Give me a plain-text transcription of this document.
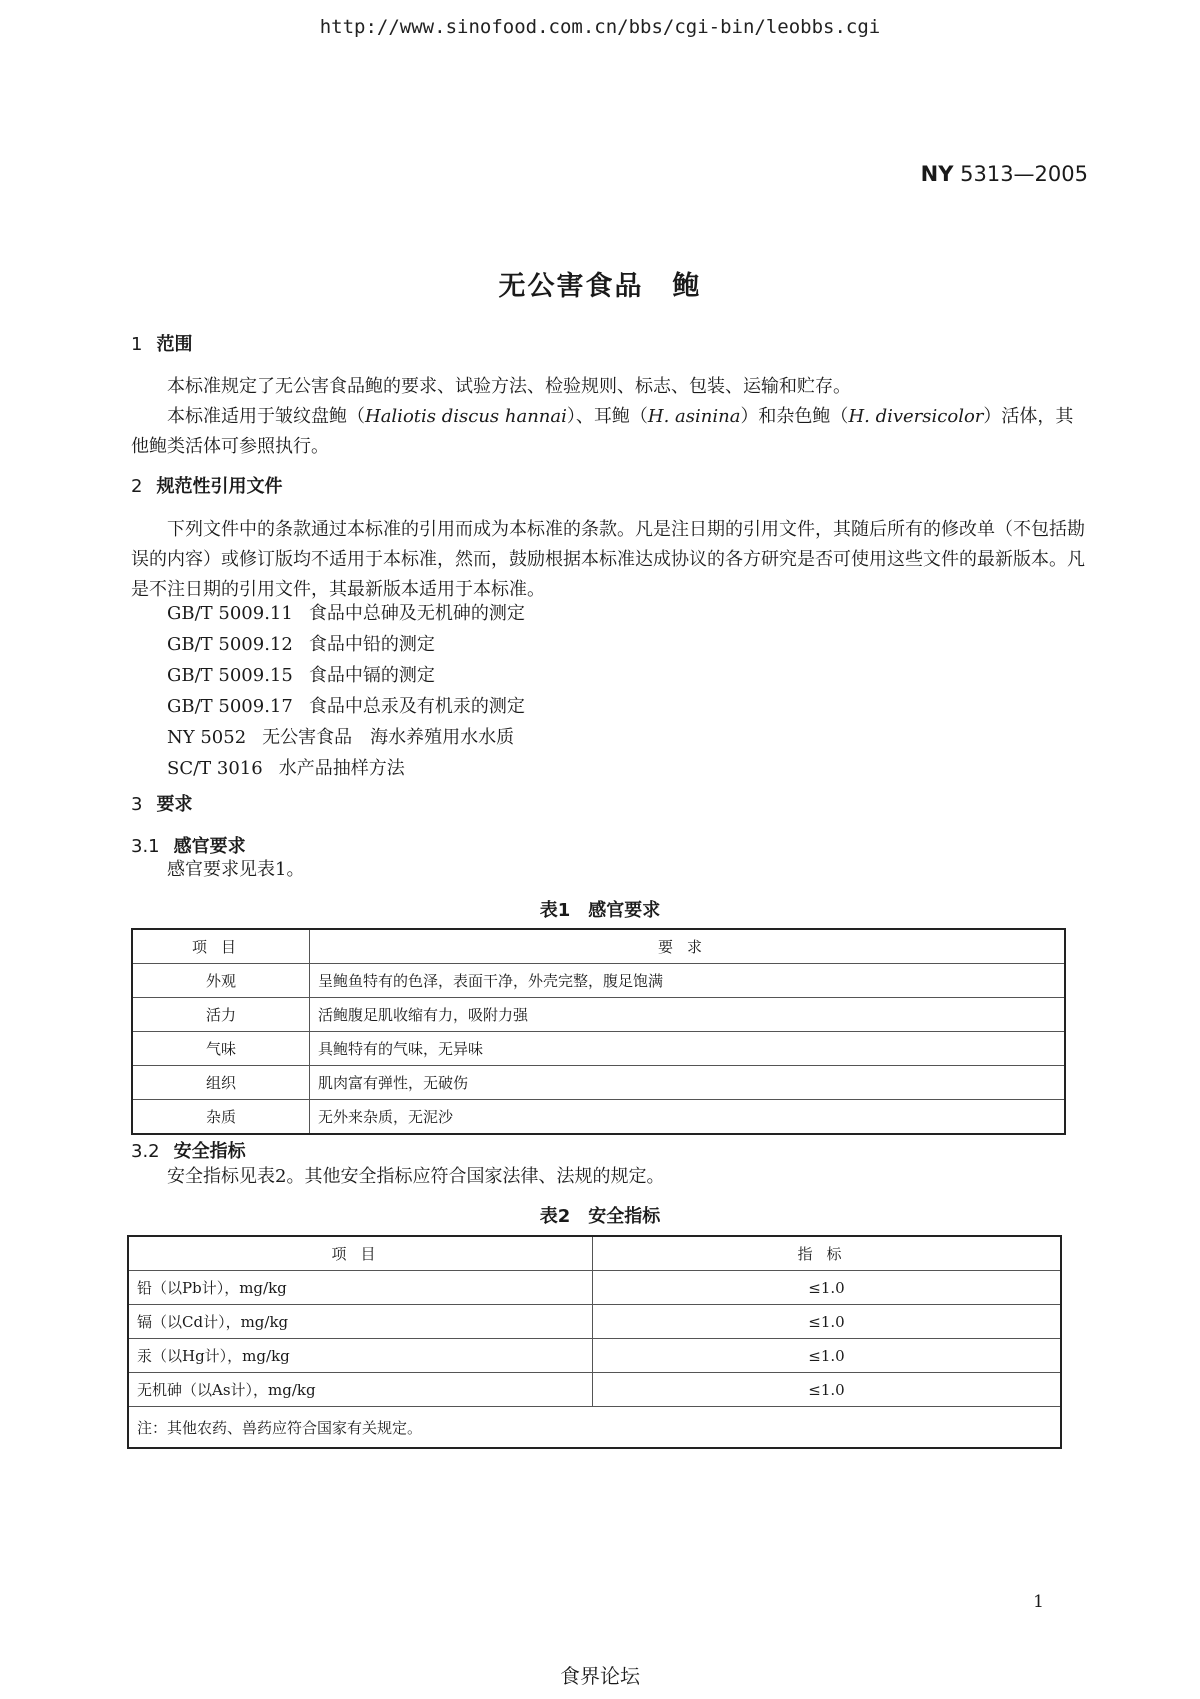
http://www.sinofood.com.cn/bbs/cgi-bin/leobbs.cgi
NY 5313—2005
无公害食品　鲍
1 范围
本标准规定了无公害食品鲍的要求、试验方法、检验规则、标志、包装、运输和贮存。
本标准适用于皱纹盘鲍（Haliotis discus hannai）、耳鲍（H. asinina）和杂色鲍（H. diversicolor）活体，其他鲍类活体可参照执行。
2 规范性引用文件
下列文件中的条款通过本标准的引用而成为本标准的条款。凡是注日期的引用文件，其随后所有的修改单（不包括勘误的内容）或修订版均不适用于本标准，然而，鼓励根据本标准达成协议的各方研究是否可使用这些文件的最新版本。凡是不注日期的引用文件，其最新版本适用于本标准。
GB/T 5009.11 食品中总砷及无机砷的测定
GB/T 5009.12 食品中铅的测定
GB/T 5009.15 食品中镉的测定
GB/T 5009.17 食品中总汞及有机汞的测定
NY 5052 无公害食品　海水养殖用水水质
SC/T 3016 水产品抽样方法
3 要求
3.1 感官要求
感官要求见表1。
表1　感官要求
项目	要求
外观	呈鲍鱼特有的色泽，表面干净，外壳完整，腹足饱满
活力	活鲍腹足肌收缩有力，吸附力强
气味	具鲍特有的气味，无异味
组织	肌肉富有弹性，无破伤
杂质	无外来杂质，无泥沙
3.2 安全指标
安全指标见表2。其他安全指标应符合国家法律、法规的规定。
表2　安全指标
项目	指标
铅（以Pb计），mg/kg	≤1.0
镉（以Cd计），mg/kg	≤1.0
汞（以Hg计），mg/kg	≤1.0
无机砷（以As计），mg/kg	≤1.0
注：其他农药、兽药应符合国家有关规定。	
1
食界论坛
